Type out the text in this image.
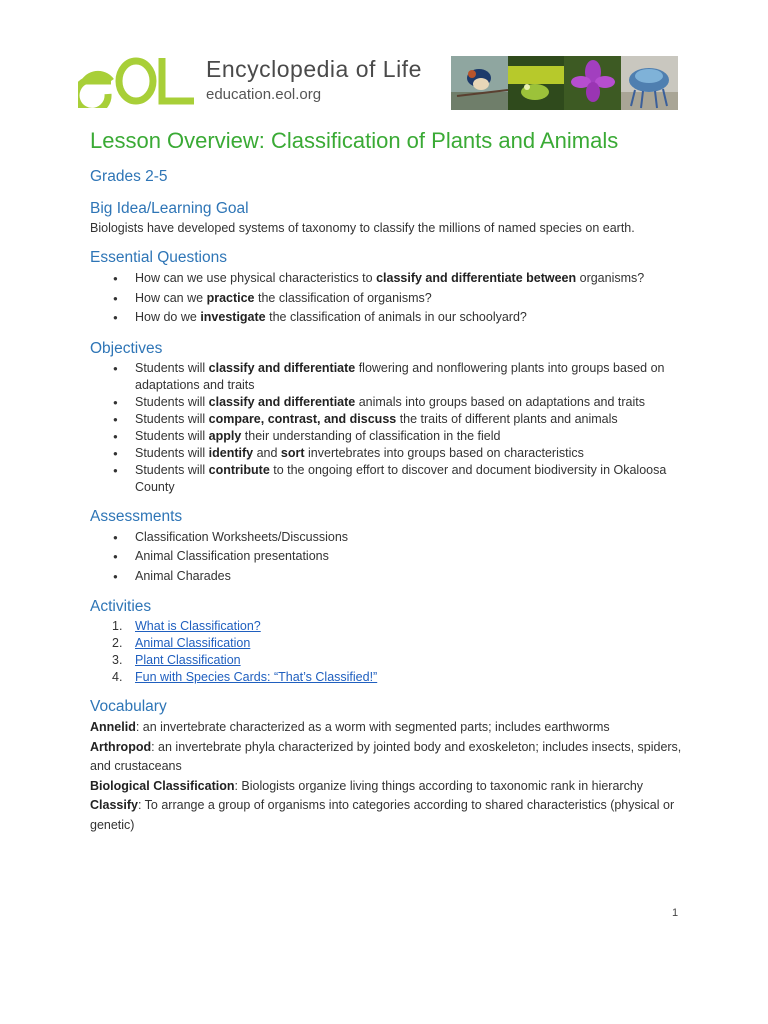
Encyclopedia of Life
education.eol.org
Lesson Overview: Classification of Plants and Animals
Grades 2-5
Big Idea/Learning Goal

Biologists have developed systems of taxonomy to classify the millions of named species on earth.

Essential Questions
● How can we use physical characteristics to classify and differentiate between organisms?
● How can we practice the classification of organisms?
● How do we investigate the classification of animals in our schoolyard?
Objectives
● Students will classify and differentiate flowering and nonflowering plants into groups based on adaptations and traits
● Students will classify and differentiate animals into groups based on adaptations and traits
● Students will compare, contrast, and discuss the traits of different plants and animals
● Students will apply their understanding of classification in the field
● Students will identify and sort invertebrates into groups based on characteristics
● Students will contribute to the ongoing effort to discover and document biodiversity in Okaloosa County
Assessments
● Classification Worksheets/Discussions
● Animal Classification presentations
● Animal Charades
Activities
1. What is Classification?
2. Animal Classification
3. Plant Classification
4. Fun with Species Cards: “That’s Classified!”
Vocabulary

Annelid: an invertebrate characterized as a worm with segmented parts; includes earthworms

Arthropod: an invertebrate phyla characterized by jointed body and exoskeleton; includes insects, spiders, and crustaceans

Biological Classification: Biologists organize living things according to taxonomic rank in hierarchy

Classify: To arrange a group of organisms into categories according to shared characteristics (physical or genetic)

1
